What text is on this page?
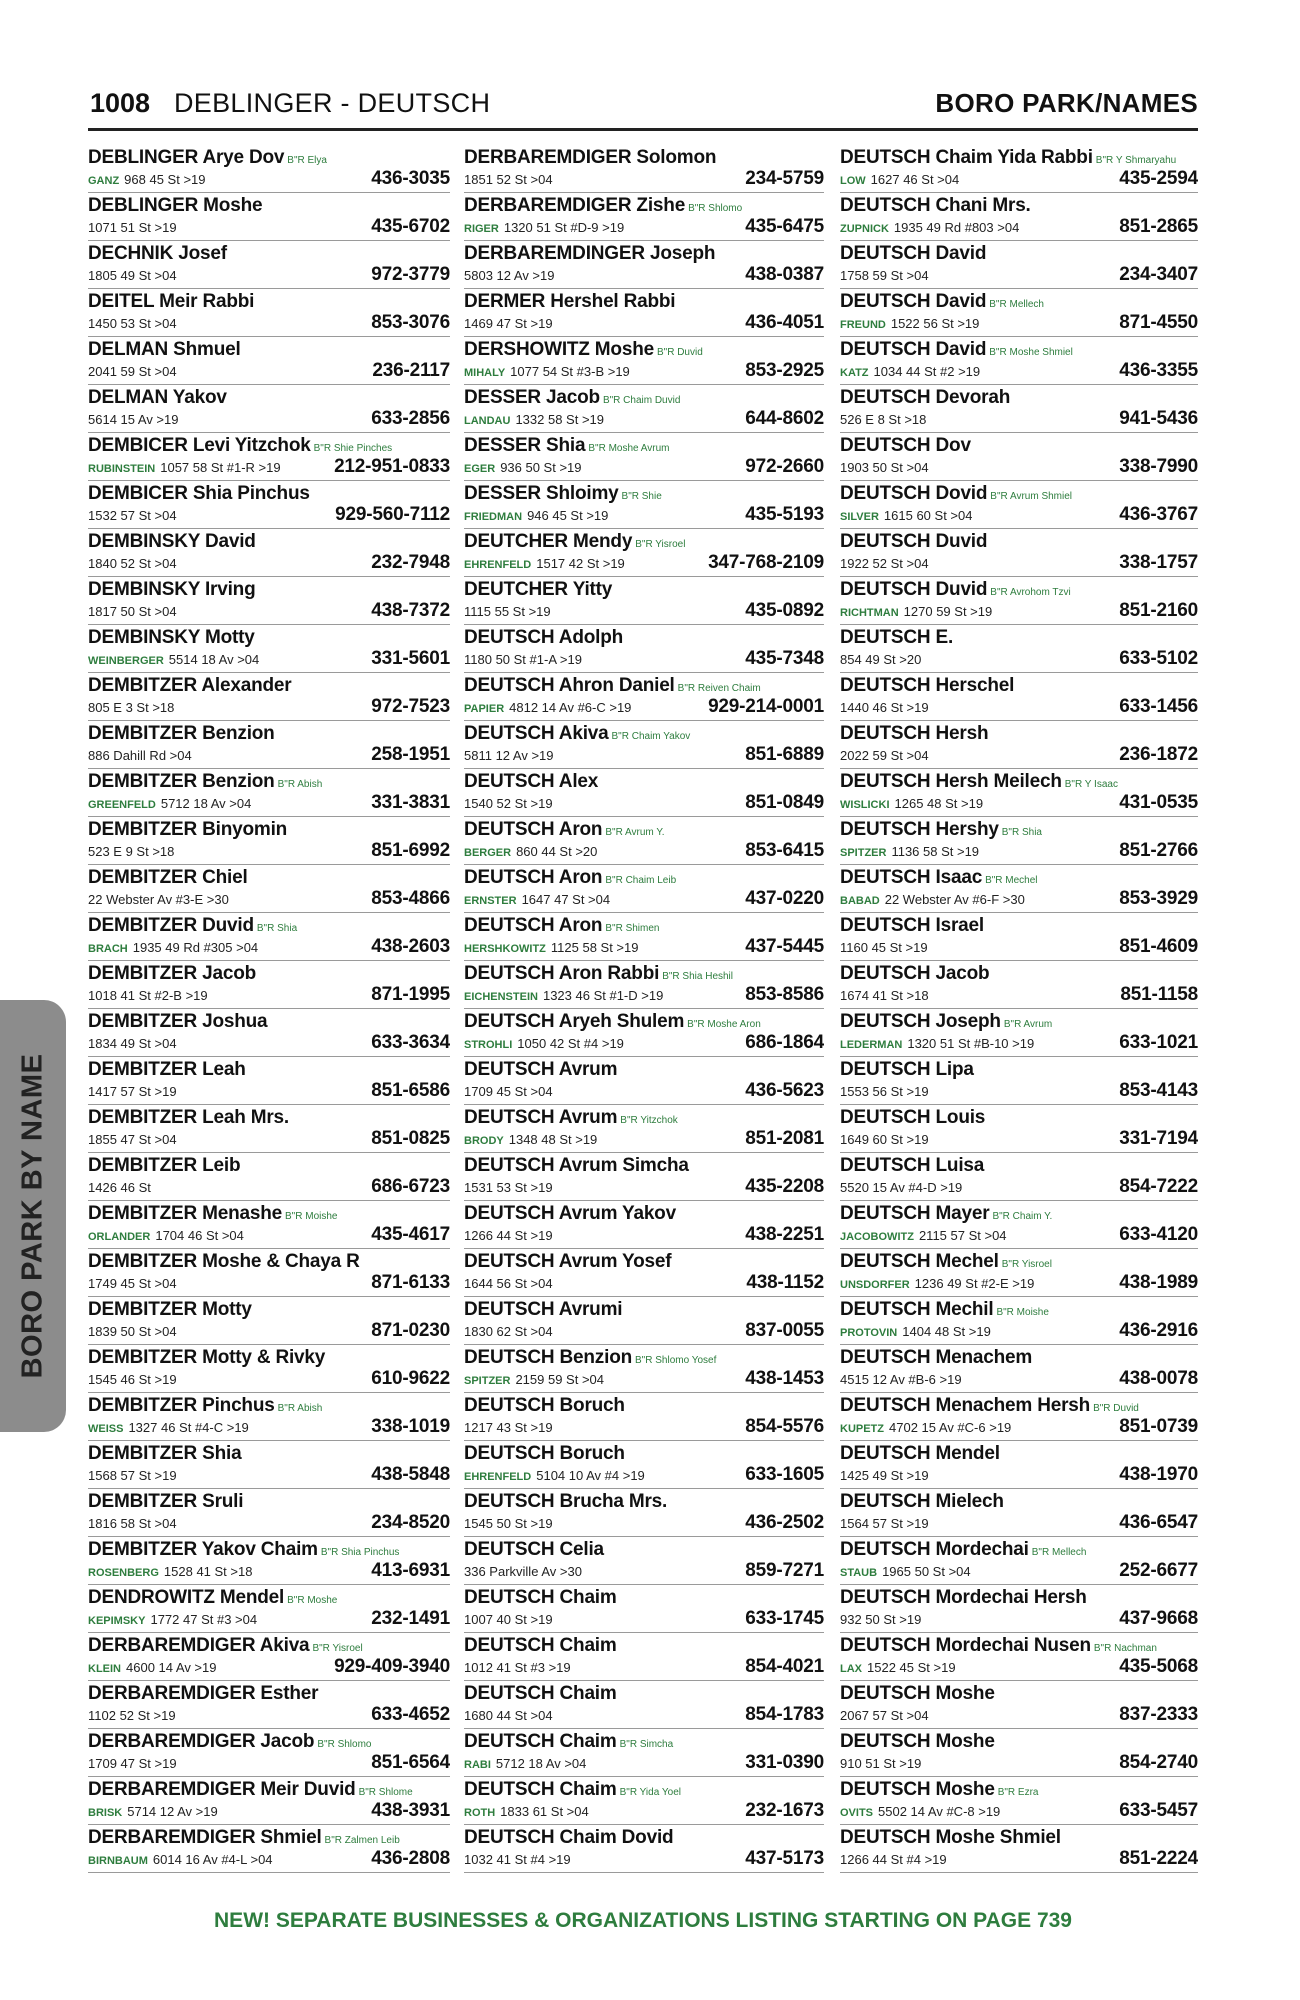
1008 DEBLINGER - DEUTSCH	BORO PARK/NAMES
BORO PARK BY NAME
DEBLINGER Arye Dov B"R Elya
GANZ 968 45 St >19	436-3035
DEBLINGER Moshe
1071 51 St >19	435-6702
DECHNIK Josef
1805 49 St >04	972-3779
DEITEL Meir Rabbi
1450 53 St >04	853-3076
DELMAN Shmuel
2041 59 St >04	236-2117
DELMAN Yakov
5614 15 Av >19	633-2856
DEMBICER Levi Yitzchok B"R Shie Pinches
RUBINSTEIN 1057 58 St #1-R >19	212-951-0833
DEMBICER Shia Pinchus
1532 57 St >04	929-560-7112
DEMBINSKY David
1840 52 St >04	232-7948
DEMBINSKY Irving
1817 50 St >04	438-7372
DEMBINSKY Motty
WEINBERGER 5514 18 Av >04	331-5601
DEMBITZER Alexander
805 E 3 St >18	972-7523
DEMBITZER Benzion
886 Dahill Rd >04	258-1951
DEMBITZER Benzion B"R Abish
GREENFELD 5712 18 Av >04	331-3831
DEMBITZER Binyomin
523 E 9 St >18	851-6992
DEMBITZER Chiel
22 Webster Av #3-E >30	853-4866
DEMBITZER Duvid B"R Shia
BRACH 1935 49 Rd #305 >04	438-2603
DEMBITZER Jacob
1018 41 St #2-B >19	871-1995
DEMBITZER Joshua
1834 49 St >04	633-3634
DEMBITZER Leah
1417 57 St >19	851-6586
DEMBITZER Leah Mrs.
1855 47 St >04	851-0825
DEMBITZER Leib
1426 46 St	686-6723
DEMBITZER Menashe B"R Moishe
ORLANDER 1704 46 St >04	435-4617
DEMBITZER Moshe & Chaya R
1749 45 St >04	871-6133
DEMBITZER Motty
1839 50 St >04	871-0230
DEMBITZER Motty & Rivky
1545 46 St >19	610-9622
DEMBITZER Pinchus B"R Abish
WEISS 1327 46 St #4-C >19	338-1019
DEMBITZER Shia
1568 57 St >19	438-5848
DEMBITZER Sruli
1816 58 St >04	234-8520
DEMBITZER Yakov Chaim B"R Shia Pinchus
ROSENBERG 1528 41 St >18	413-6931
DENDROWITZ Mendel B"R Moshe
KEPIMSKY 1772 47 St #3 >04	232-1491
DERBAREMDIGER Akiva B"R Yisroel
KLEIN 4600 14 Av >19	929-409-3940
DERBAREMDIGER Esther
1102 52 St >19	633-4652
DERBAREMDIGER Jacob B"R Shlomo
1709 47 St >19	851-6564
DERBAREMDIGER Meir Duvid B"R Shlome
BRISK 5714 12 Av >19	438-3931
DERBAREMDIGER Shmiel B"R Zalmen Leib
BIRNBAUM 6014 16 Av #4-L >04	436-2808
DERBAREMDIGER Solomon
1851 52 St >04	234-5759
DERBAREMDIGER Zishe B"R Shlomo
RIGER 1320 51 St #D-9 >19	435-6475
DERBAREMDINGER Joseph
5803 12 Av >19	438-0387
DERMER Hershel Rabbi
1469 47 St >19	436-4051
DERSHOWITZ Moshe B"R Duvid
MIHALY 1077 54 St #3-B >19	853-2925
DESSER Jacob B"R Chaim Duvid
LANDAU 1332 58 St >19	644-8602
DESSER Shia B"R Moshe Avrum
EGER 936 50 St >19	972-2660
DESSER Shloimy B"R Shie
FRIEDMAN 946 45 St >19	435-5193
DEUTCHER Mendy B"R Yisroel
EHRENFELD 1517 42 St >19	347-768-2109
DEUTCHER Yitty
1115 55 St >19	435-0892
DEUTSCH Adolph
1180 50 St #1-A >19	435-7348
DEUTSCH Ahron Daniel B"R Reiven Chaim
PAPIER 4812 14 Av #6-C >19	929-214-0001
DEUTSCH Akiva B"R Chaim Yakov
5811 12 Av >19	851-6889
DEUTSCH Alex
1540 52 St >19	851-0849
DEUTSCH Aron B"R Avrum Y.
BERGER 860 44 St >20	853-6415
DEUTSCH Aron B"R Chaim Leib
ERNSTER 1647 47 St >04	437-0220
DEUTSCH Aron B"R Shimen
HERSHKOWITZ 1125 58 St >19	437-5445
DEUTSCH Aron Rabbi B"R Shia Heshil
EICHENSTEIN 1323 46 St #1-D >19	853-8586
DEUTSCH Aryeh Shulem B"R Moshe Aron
STROHLI 1050 42 St #4 >19	686-1864
DEUTSCH Avrum
1709 45 St >04	436-5623
DEUTSCH Avrum B"R Yitzchok
BRODY 1348 48 St >19	851-2081
DEUTSCH Avrum Simcha
1531 53 St >19	435-2208
DEUTSCH Avrum Yakov
1266 44 St >19	438-2251
DEUTSCH Avrum Yosef
1644 56 St >04	438-1152
DEUTSCH Avrumi
1830 62 St >04	837-0055
DEUTSCH Benzion B"R Shlomo Yosef
SPITZER 2159 59 St >04	438-1453
DEUTSCH Boruch
1217 43 St >19	854-5576
DEUTSCH Boruch
EHRENFELD 5104 10 Av #4 >19	633-1605
DEUTSCH Brucha Mrs.
1545 50 St >19	436-2502
DEUTSCH Celia
336 Parkville Av >30	859-7271
DEUTSCH Chaim
1007 40 St >19	633-1745
DEUTSCH Chaim
1012 41 St #3 >19	854-4021
DEUTSCH Chaim
1680 44 St >04	854-1783
DEUTSCH Chaim B"R Simcha
RABI 5712 18 Av >04	331-0390
DEUTSCH Chaim B"R Yida Yoel
ROTH 1833 61 St >04	232-1673
DEUTSCH Chaim Dovid
1032 41 St #4 >19	437-5173
DEUTSCH Chaim Yida Rabbi B"R Y Shmaryahu
LOW 1627 46 St >04	435-2594
DEUTSCH Chani Mrs.
ZUPNICK 1935 49 Rd #803 >04	851-2865
DEUTSCH David
1758 59 St >04	234-3407
DEUTSCH David B"R Mellech
FREUND 1522 56 St >19	871-4550
DEUTSCH David B"R Moshe Shmiel
KATZ 1034 44 St #2 >19	436-3355
DEUTSCH Devorah
526 E 8 St >18	941-5436
DEUTSCH Dov
1903 50 St >04	338-7990
DEUTSCH Dovid B"R Avrum Shmiel
SILVER 1615 60 St >04	436-3767
DEUTSCH Duvid
1922 52 St >04	338-1757
DEUTSCH Duvid B"R Avrohom Tzvi
RICHTMAN 1270 59 St >19	851-2160
DEUTSCH E.
854 49 St >20	633-5102
DEUTSCH Herschel
1440 46 St >19	633-1456
DEUTSCH Hersh
2022 59 St >04	236-1872
DEUTSCH Hersh Meilech B"R Y Isaac
WISLICKI 1265 48 St >19	431-0535
DEUTSCH Hershy B"R Shia
SPITZER 1136 58 St >19	851-2766
DEUTSCH Isaac B"R Mechel
BABAD 22 Webster Av #6-F >30	853-3929
DEUTSCH Israel
1160 45 St >19	851-4609
DEUTSCH Jacob
1674 41 St >18	851-1158
DEUTSCH Joseph B"R Avrum
LEDERMAN 1320 51 St #B-10 >19	633-1021
DEUTSCH Lipa
1553 56 St >19	853-4143
DEUTSCH Louis
1649 60 St >19	331-7194
DEUTSCH Luisa
5520 15 Av #4-D >19	854-7222
DEUTSCH Mayer B"R Chaim Y.
JACOBOWITZ 2115 57 St >04	633-4120
DEUTSCH Mechel B"R Yisroel
UNSDORFER 1236 49 St #2-E >19	438-1989
DEUTSCH Mechil B"R Moishe
PROTOVIN 1404 48 St >19	436-2916
DEUTSCH Menachem
4515 12 Av #B-6 >19	438-0078
DEUTSCH Menachem Hersh B"R Duvid
KUPETZ 4702 15 Av #C-6 >19	851-0739
DEUTSCH Mendel
1425 49 St >19	438-1970
DEUTSCH Mielech
1564 57 St >19	436-6547
DEUTSCH Mordechai B"R Mellech
STAUB 1965 50 St >04	252-6677
DEUTSCH Mordechai Hersh
932 50 St >19	437-9668
DEUTSCH Mordechai Nusen B"R Nachman
LAX 1522 45 St >19	435-5068
DEUTSCH Moshe
2067 57 St >04	837-2333
DEUTSCH Moshe
910 51 St >19	854-2740
DEUTSCH Moshe B"R Ezra
OVITS 5502 14 Av #C-8 >19	633-5457
DEUTSCH Moshe Shmiel
1266 44 St #4 >19	851-2224
NEW! SEPARATE BUSINESSES & ORGANIZATIONS LISTING STARTING ON PAGE 739
